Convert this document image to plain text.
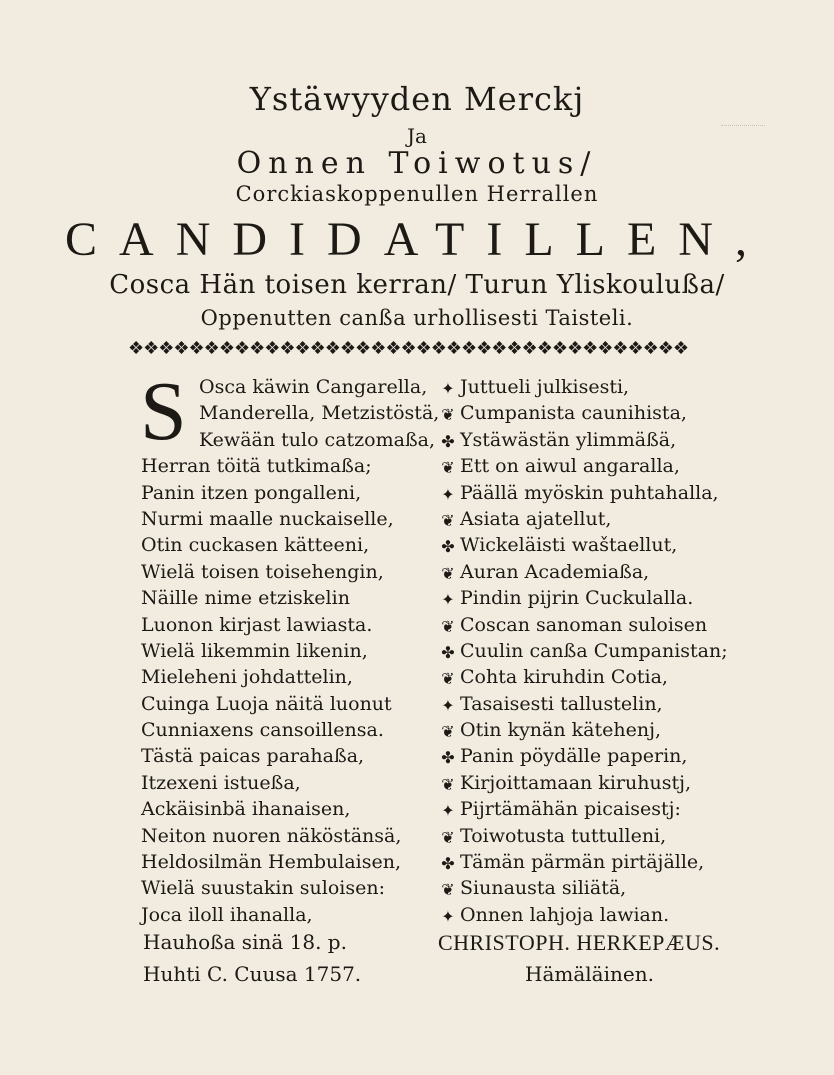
Ystäwyyden Merckj
Ja
Onnen Toiwotus/
Corckiaskoppenullen Herrallen
CANDIDATILLEN,
Cosca Hän toisen kerran/ Turun Yliskoulußa/
Oppenutten canßa urhollisesti Taisteli.
❖❖❖❖❖❖❖❖❖❖❖❖❖❖❖❖❖❖❖❖❖❖❖❖❖❖❖❖❖❖❖❖❖❖❖❖❖
S Osca käwin Cangarella,
Manderella, Metzistöstä,
Kewään tulo catzomaßa,
Herran töitä tutkimaßa;
Panin itzen pongalleni,
Nurmi maalle nuckaiselle,
Otin cuckasen kätteeni,
Wielä toisen toisehengin,
Näille nime etziskelin
Luonon kirjast lawiasta.
Wielä likemmin likenin,
Mieleheni johdattelin,
Cuinga Luoja näitä luonut
Cunniaxens cansoillensa.
Tästä paicas parahaßa,
Itzexeni istueßa,
Ackäisinbä ihanaisen,
Neiton nuoren näköstänsä,
Heldosilmän Hembulaisen,
Wielä suustakin suloisen:
Joca iloll ihanalla,
✦
❦
✤
❦
✦
❦
✤
❦
✦
❦
✤
❦
✦
❦
✤
❦
✦
❦
✤
❦
✦
Juttueli julkisesti,
Cumpanista caunihista,
Ystäwästän ylimmäßä,
Ett on aiwul angaralla,
Päällä myöskin puhtahalla,
Asiata ajatellut,
Wickeläisti waštaellut,
Auran Academiaßa,
Pindin pijrin Cuckulalla.
Coscan sanoman suloisen
Cuulin canßa Cumpanistan;
Cohta kiruhdin Cotia,
Tasaisesti tallustelin,
Otin kynän kätehenj,
Panin pöydälle paperin,
Kirjoittamaan kiruhustj,
Pijrtämähän picaisestj:
Toiwotusta tuttulleni,
Tämän pärmän pirtäjälle,
Siunausta siliätä,
Onnen lahjoja lawian.
Hauhoßa sinä 18. p.
Huhti C. Cuusa 1757.
CHRISTOPH. HERKEPÆUS.
Hämäläinen.
